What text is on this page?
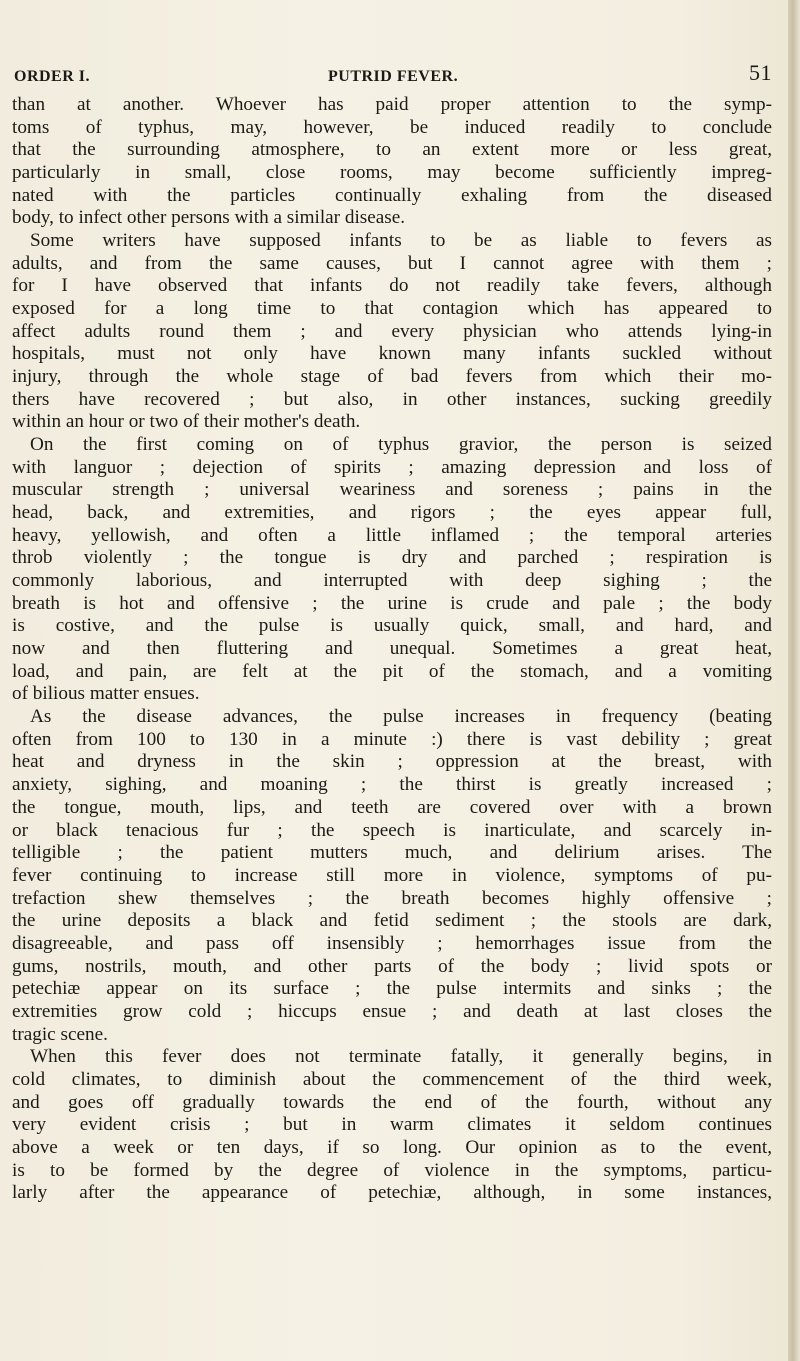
ORDER I.	PUTRID FEVER.	51
than at another. Whoever has paid proper attention to the symp-
toms of typhus, may, however, be induced readily to conclude
that the surrounding atmosphere, to an extent more or less great,
particularly in small, close rooms, may become sufficiently impreg-
nated with the particles continually exhaling from the diseased
body, to infect other persons with a similar disease.
Some writers have supposed infants to be as liable to fevers as
adults, and from the same causes, but I cannot agree with them ;
for I have observed that infants do not readily take fevers, although
exposed for a long time to that contagion which has appeared to
affect adults round them ; and every physician who attends lying-in
hospitals, must not only have known many infants suckled without
injury, through the whole stage of bad fevers from which their mo-
thers have recovered ; but also, in other instances, sucking greedily
within an hour or two of their mother's death.
On the first coming on of typhus gravior, the person is seized
with languor ; dejection of spirits ; amazing depression and loss of
muscular strength ; universal weariness and soreness ; pains in the
head, back, and extremities, and rigors ; the eyes appear full,
heavy, yellowish, and often a little inflamed ; the temporal arteries
throb violently ; the tongue is dry and parched ; respiration is
commonly laborious, and interrupted with deep sighing ; the
breath is hot and offensive ; the urine is crude and pale ; the body
is costive, and the pulse is usually quick, small, and hard, and
now and then fluttering and unequal. Sometimes a great heat,
load, and pain, are felt at the pit of the stomach, and a vomiting
of bilious matter ensues.
As the disease advances, the pulse increases in frequency (beating
often from 100 to 130 in a minute :) there is vast debility ; great
heat and dryness in the skin ; oppression at the breast, with
anxiety, sighing, and moaning ; the thirst is greatly increased ;
the tongue, mouth, lips, and teeth are covered over with a brown
or black tenacious fur ; the speech is inarticulate, and scarcely in-
telligible ; the patient mutters much, and delirium arises. The
fever continuing to increase still more in violence, symptoms of pu-
trefaction shew themselves ; the breath becomes highly offensive ;
the urine deposits a black and fetid sediment ; the stools are dark,
disagreeable, and pass off insensibly ; hemorrhages issue from the
gums, nostrils, mouth, and other parts of the body ; livid spots or
petechiæ appear on its surface ; the pulse intermits and sinks ; the
extremities grow cold ; hiccups ensue ; and death at last closes the
tragic scene.
When this fever does not terminate fatally, it generally begins, in
cold climates, to diminish about the commencement of the third week,
and goes off gradually towards the end of the fourth, without any
very evident crisis ; but in warm climates it seldom continues
above a week or ten days, if so long. Our opinion as to the event,
is to be formed by the degree of violence in the symptoms, particu-
larly after the appearance of petechiæ, although, in some instances,
